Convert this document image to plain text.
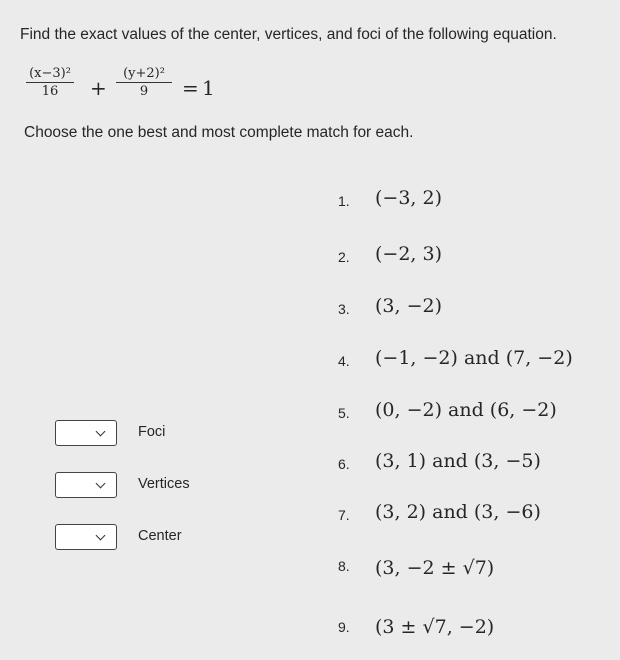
Find the exact values of the center, vertices, and foci of the following equation.
(x−3)²
16	+
(y+2)²
9	= 1
Choose the one best and most complete match for each.
Foci
Vertices
Center
1. (−3, 2)
2. (−2, 3)
3. (3, −2)
4. (−1, −2) and (7, −2)
5. (0, −2) and (6, −2)
6. (3, 1) and (3, −5)
7. (3, 2) and (3, −6)
8. (3, −2 ± √7)
9. (3 ± √7, −2)
